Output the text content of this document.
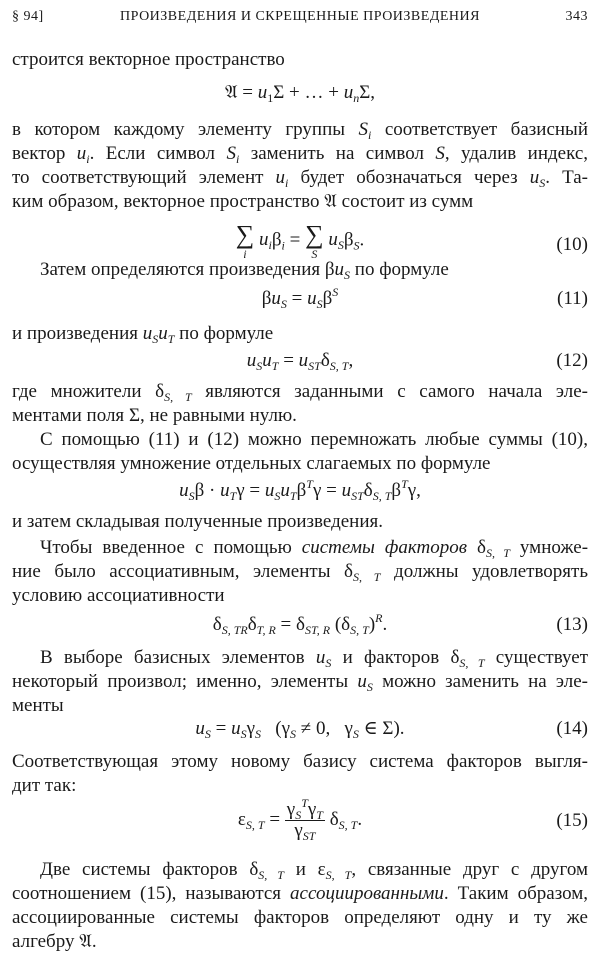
§ 94]	ПРОИЗВЕДЕНИЯ И СКРЕЩЕННЫЕ ПРОИЗВЕДЕНИЯ	343
строится векторное пространство
𝔄 = $u_1\Sigma$ + … + $u_n\Sigma$,
в котором каждому элементу группы $S_i$ соответствует базисный
вектор $u_i$. Если символ $S_i$ заменить на символ S, удалив индекс,
то соответствующий элемент $u_i$ будет обозначаться через $u_S$. Та-
ким образом, векторное пространство 𝔄 состоит из сумм
∑
i
$u_i\beta_i$ = ∑
S
$u_S\beta_S$.	(10)
Затем определяются произведения $\beta u_S$ по формуле
$\beta u_S = u_S\beta^S$	(11)
и произведения $u_Su_T$ по формуле
$u_Su_T = u_{ST}\delta_{S, T}$,	(12)
где множители $\delta_{S, T}$ являются заданными с самого начала эле-
ментами поля Σ, не равными нулю.
С помощью (11) и (12) можно перемножать любые суммы (10),
осуществляя умножение отдельных слагаемых по формуле
$u_S\beta \cdot u_T\gamma = u_Su_T\beta^T\gamma = u_{ST}\delta_{S, T}\beta^T\gamma$,
и затем складывая полученные произведения.
Чтобы введенное с помощью системы факторов $\delta_{S, T}$ умноже-
ние было ассоциативным, элементы $\delta_{S, T}$ должны удовлетворять
условию ассоциативности
$\delta_{S, TR}\delta_{T, R} = \delta_{ST, R}$ $(\delta_{S, T})^R$.	(13)
В выборе базисных элементов $u_S$ и факторов $\delta_{S, T}$ существует
некоторый произвол; именно, элементы $u_S$ можно заменить на эле-
менты
$u_S = u_S\gamma_S$   ($\gamma_S \ne 0$,   $\gamma_S$ ∈ Σ).	(14)
Соответствующая этому новому базису система факторов выгля-
дит так:
$\varepsilon_{S, T} = \frac{\gamma_S^T\gamma_T}{\gamma_{ST}} \delta_{S, T}$.	(15)
Две системы факторов $\delta_{S, T}$ и $\varepsilon_{S, T}$, связанные друг с другом
соотношением (15), называются ассоциированными. Таким образом,
ассоциированные системы факторов определяют одну и ту же
алгебру 𝔄.
